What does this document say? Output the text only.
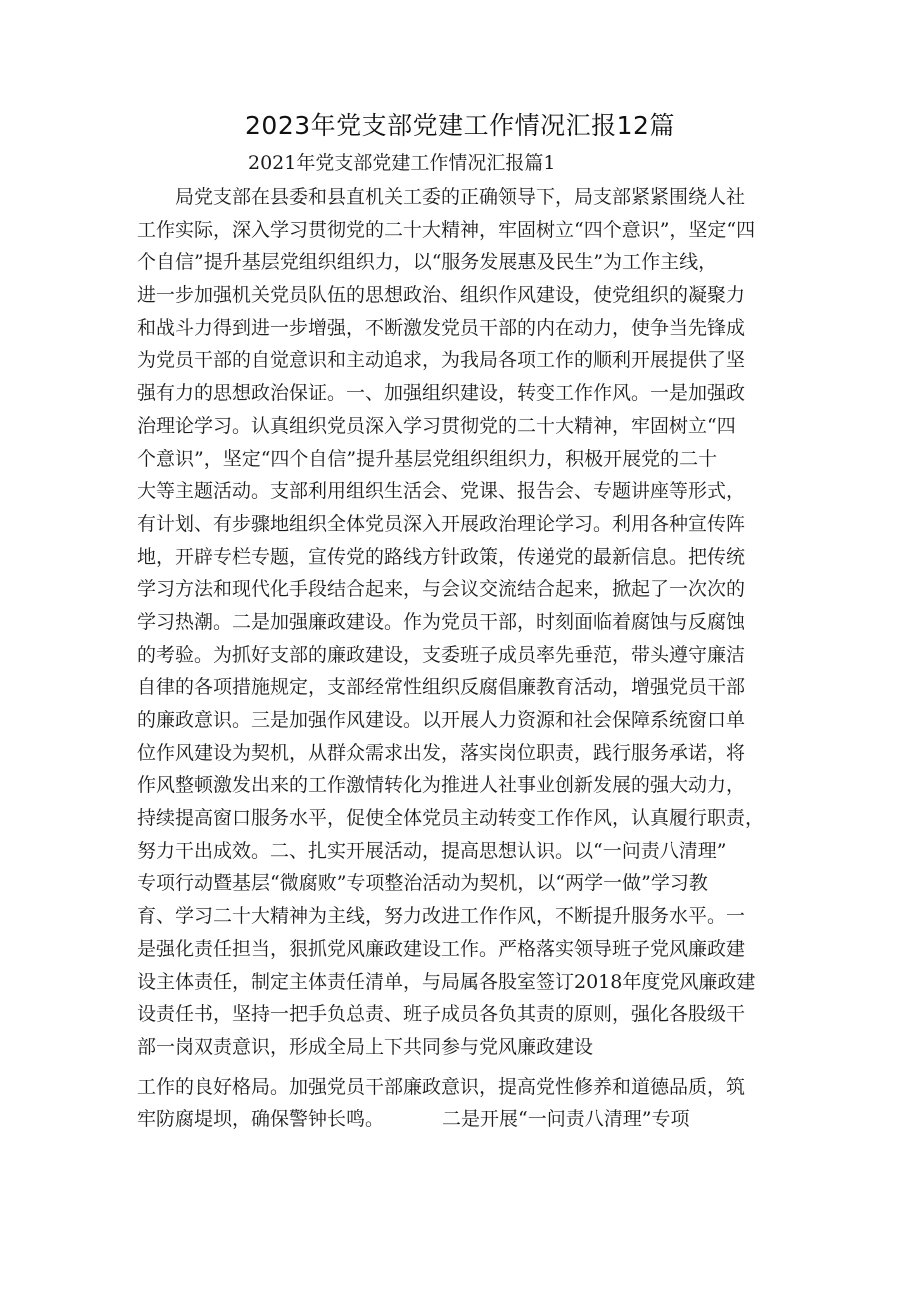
2023年党支部党建工作情况汇报12篇
2021年党支部党建工作情况汇报篇1
局党支部在县委和县直机关工委的正确领导下，局支部紧紧围绕人社
工作实际，深入学习贯彻党的二十大精神，牢固树立“四个意识”，坚定“四
个自信”提升基层党组织组织力，以“服务发展惠及民生”为工作主线，
进一步加强机关党员队伍的思想政治、组织作风建设，使党组织的凝聚力
和战斗力得到进一步增强，不断激发党员干部的内在动力，使争当先锋成
为党员干部的自觉意识和主动追求，为我局各项工作的顺利开展提供了坚
强有力的思想政治保证。一、加强组织建设，转变工作作风。一是加强政
治理论学习。认真组织党员深入学习贯彻党的二十大精神，牢固树立“四
个意识”，坚定“四个自信”提升基层党组织组织力，积极开展党的二十
大等主题活动。支部利用组织生活会、党课、报告会、专题讲座等形式，
有计划、有步骤地组织全体党员深入开展政治理论学习。利用各种宣传阵
地，开辟专栏专题，宣传党的路线方针政策，传递党的最新信息。把传统
学习方法和现代化手段结合起来，与会议交流结合起来，掀起了一次次的
学习热潮。二是加强廉政建设。作为党员干部，时刻面临着腐蚀与反腐蚀
的考验。为抓好支部的廉政建设，支委班子成员率先垂范，带头遵守廉洁
自律的各项措施规定，支部经常性组织反腐倡廉教育活动，增强党员干部
的廉政意识。三是加强作风建设。以开展人力资源和社会保障系统窗口单
位作风建设为契机，从群众需求出发，落实岗位职责，践行服务承诺，将
作风整顿激发出来的工作激情转化为推进人社事业创新发展的强大动力，
持续提高窗口服务水平，促使全体党员主动转变工作作风，认真履行职责，
努力干出成效。二、扎实开展活动，提高思想认识。以“一问责八清理”
专项行动暨基层“微腐败”专项整治活动为契机，以“两学一做”学习教
育、学习二十大精神为主线，努力改进工作作风，不断提升服务水平。一
是强化责任担当，狠抓党风廉政建设工作。严格落实领导班子党风廉政建
设主体责任，制定主体责任清单，与局属各股室签订2018年度党风廉政建
设责任书，坚持一把手负总责、班子成员各负其责的原则，强化各股级干
部一岗双责意识，形成全局上下共同参与党风廉政建设
工作的良好格局。加强党员干部廉政意识，提高党性修养和道德品质，筑
牢防腐堤坝，确保警钟长鸣。	二是开展“一问责八清理”专项
